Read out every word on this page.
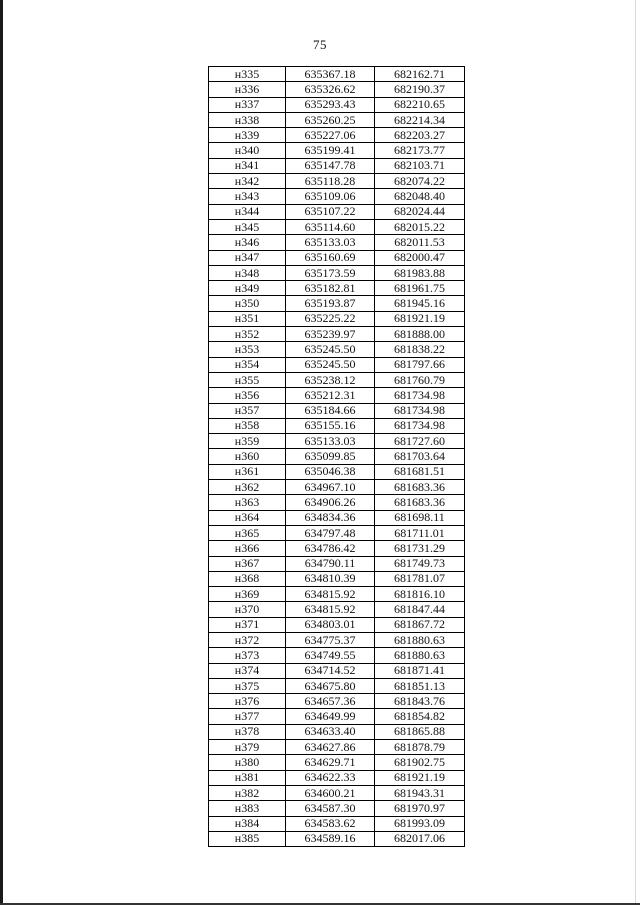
75
н335	635367.18	682162.71
н336	635326.62	682190.37
н337	635293.43	682210.65
н338	635260.25	682214.34
н339	635227.06	682203.27
н340	635199.41	682173.77
н341	635147.78	682103.71
н342	635118.28	682074.22
н343	635109.06	682048.40
н344	635107.22	682024.44
н345	635114.60	682015.22
н346	635133.03	682011.53
н347	635160.69	682000.47
н348	635173.59	681983.88
н349	635182.81	681961.75
н350	635193.87	681945.16
н351	635225.22	681921.19
н352	635239.97	681888.00
н353	635245.50	681838.22
н354	635245.50	681797.66
н355	635238.12	681760.79
н356	635212.31	681734.98
н357	635184.66	681734.98
н358	635155.16	681734.98
н359	635133.03	681727.60
н360	635099.85	681703.64
н361	635046.38	681681.51
н362	634967.10	681683.36
н363	634906.26	681683.36
н364	634834.36	681698.11
н365	634797.48	681711.01
н366	634786.42	681731.29
н367	634790.11	681749.73
н368	634810.39	681781.07
н369	634815.92	681816.10
н370	634815.92	681847.44
н371	634803.01	681867.72
н372	634775.37	681880.63
н373	634749.55	681880.63
н374	634714.52	681871.41
н375	634675.80	681851.13
н376	634657.36	681843.76
н377	634649.99	681854.82
н378	634633.40	681865.88
н379	634627.86	681878.79
н380	634629.71	681902.75
н381	634622.33	681921.19
н382	634600.21	681943.31
н383	634587.30	681970.97
н384	634583.62	681993.09
н385	634589.16	682017.06
